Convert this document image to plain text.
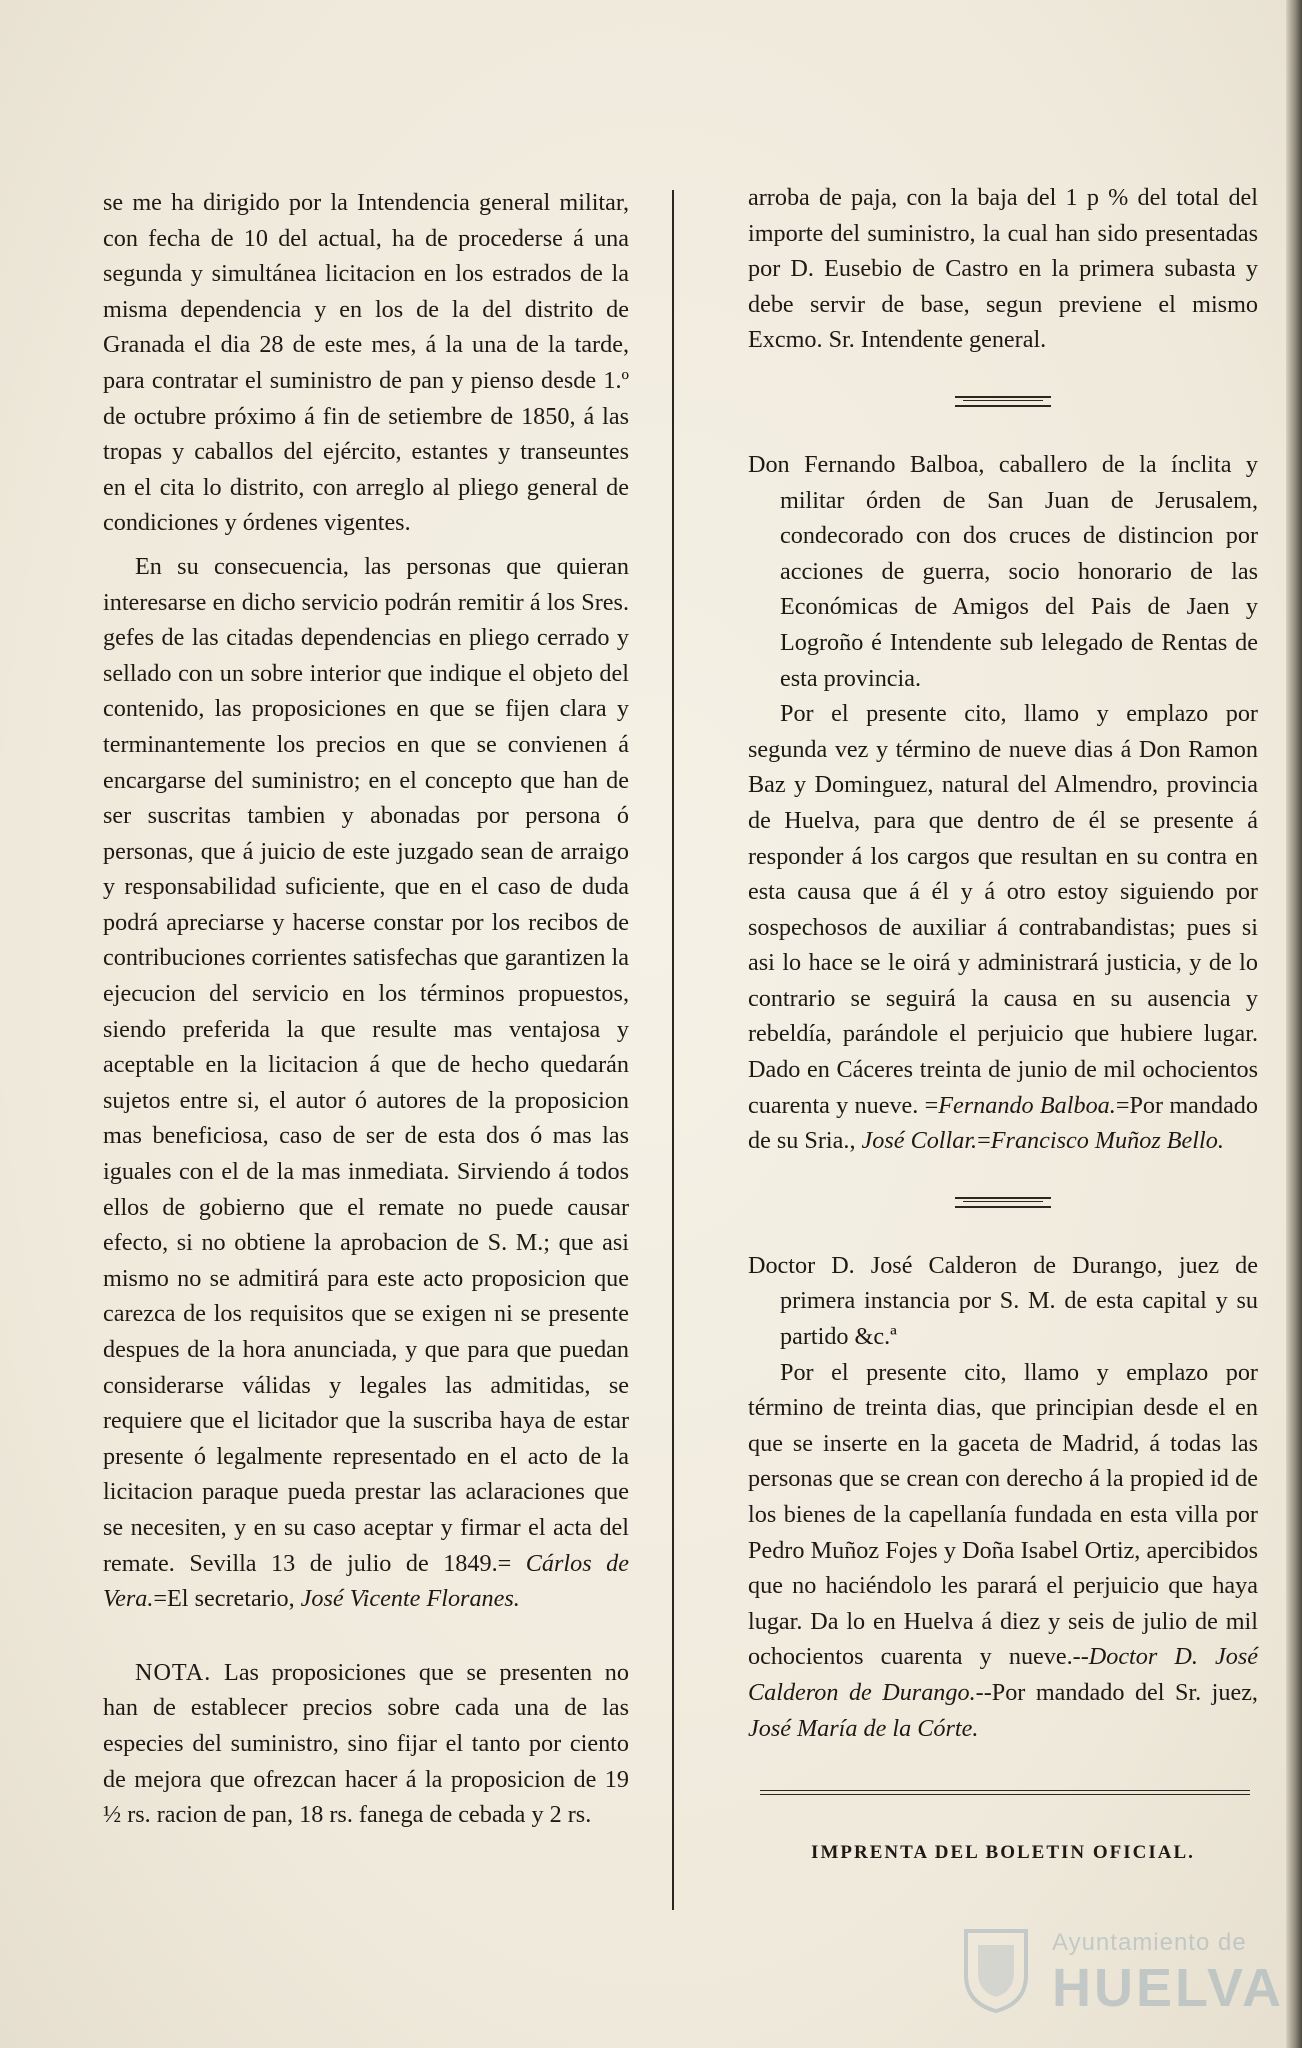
se me ha dirigido por la Intendencia general militar, con fecha de 10 del actual, ha de procederse á una segunda y simultánea licitacion en los estrados de la misma dependencia y en los de la del distrito de Granada el dia 28 de este mes, á la una de la tarde, para contratar el suministro de pan y pienso desde 1.º de octubre próximo á fin de setiembre de 1850, á las tropas y caballos del ejército, estantes y transeuntes en el cita lo distrito, con arreglo al pliego general de condiciones y órdenes vigentes.

En su consecuencia, las personas que quieran interesarse en dicho servicio podrán remitir á los Sres. gefes de las citadas dependencias en pliego cerrado y sellado con un sobre interior que indique el objeto del contenido, las proposiciones en que se fijen clara y terminantemente los precios en que se convienen á encargarse del suministro; en el concepto que han de ser suscritas tambien y abonadas por persona ó personas, que á juicio de este juzgado sean de arraigo y responsabilidad suficiente, que en el caso de duda podrá apreciarse y hacerse constar por los recibos de contribuciones corrientes satisfechas que garantizen la ejecucion del servicio en los términos propuestos, siendo preferida la que resulte mas ventajosa y aceptable en la licitacion á que de hecho quedarán sujetos entre si, el autor ó autores de la proposicion mas beneficiosa, caso de ser de esta dos ó mas las iguales con el de la mas inmediata. Sirviendo á todos ellos de gobierno que el remate no puede causar efecto, si no obtiene la aprobacion de S. M.; que asi mismo no se admitirá para este acto proposicion que carezca de los requisitos que se exigen ni se presente despues de la hora anunciada, y que para que puedan considerarse válidas y legales las admitidas, se requiere que el licitador que la suscriba haya de estar presente ó legalmente representado en el acto de la licitacion paraque pueda prestar las aclaraciones que se necesiten, y en su caso aceptar y firmar el acta del remate. Sevilla 13 de julio de 1849.= Cárlos de Vera.=El secretario, José Vicente Floranes.

NOTA. Las proposiciones que se presenten no han de establecer precios sobre cada una de las especies del suministro, sino fijar el tanto por ciento de mejora que ofrezcan hacer á la proposicion de 19 ½ rs. racion de pan, 18 rs. fanega de cebada y 2 rs.

arroba de paja, con la baja del 1 p % del total del importe del suministro, la cual han sido presentadas por D. Eusebio de Castro en la primera subasta y debe servir de base, segun previene el mismo Excmo. Sr. Intendente general.

Don Fernando Balboa, caballero de la ínclita y militar órden de San Juan de Jerusalem, condecorado con dos cruces de distincion por acciones de guerra, socio honorario de las Económicas de Amigos del Pais de Jaen y Logroño é Intendente sub lelegado de Rentas de esta provincia.

Por el presente cito, llamo y emplazo por segunda vez y término de nueve dias á Don Ramon Baz y Dominguez, natural del Almendro, provincia de Huelva, para que dentro de él se presente á responder á los cargos que resultan en su contra en esta causa que á él y á otro estoy siguiendo por sospechosos de auxiliar á contrabandistas; pues si asi lo hace se le oirá y administrará justicia, y de lo contrario se seguirá la causa en su ausencia y rebeldía, parándole el perjuicio que hubiere lugar. Dado en Cáceres treinta de junio de mil ochocientos cuarenta y nueve. =Fernando Balboa.=Por mandado de su Sria., José Collar.=Francisco Muñoz Bello.

Doctor D. José Calderon de Durango, juez de primera instancia por S. M. de esta capital y su partido &c.ª

Por el presente cito, llamo y emplazo por término de treinta dias, que principian desde el en que se inserte en la gaceta de Madrid, á todas las personas que se crean con derecho á la propied id de los bienes de la capellanía fundada en esta villa por Pedro Muñoz Fojes y Doña Isabel Ortiz, apercibidos que no haciéndolo les parará el perjuicio que haya lugar. Da lo en Huelva á diez y seis de julio de mil ochocientos cuarenta y nueve.--Doctor D. José Calderon de Durango.--Por mandado del Sr. juez, José María de la Córte.

IMPRENTA DEL BOLETIN OFICIAL.
Ayuntamiento de
HUELVA
